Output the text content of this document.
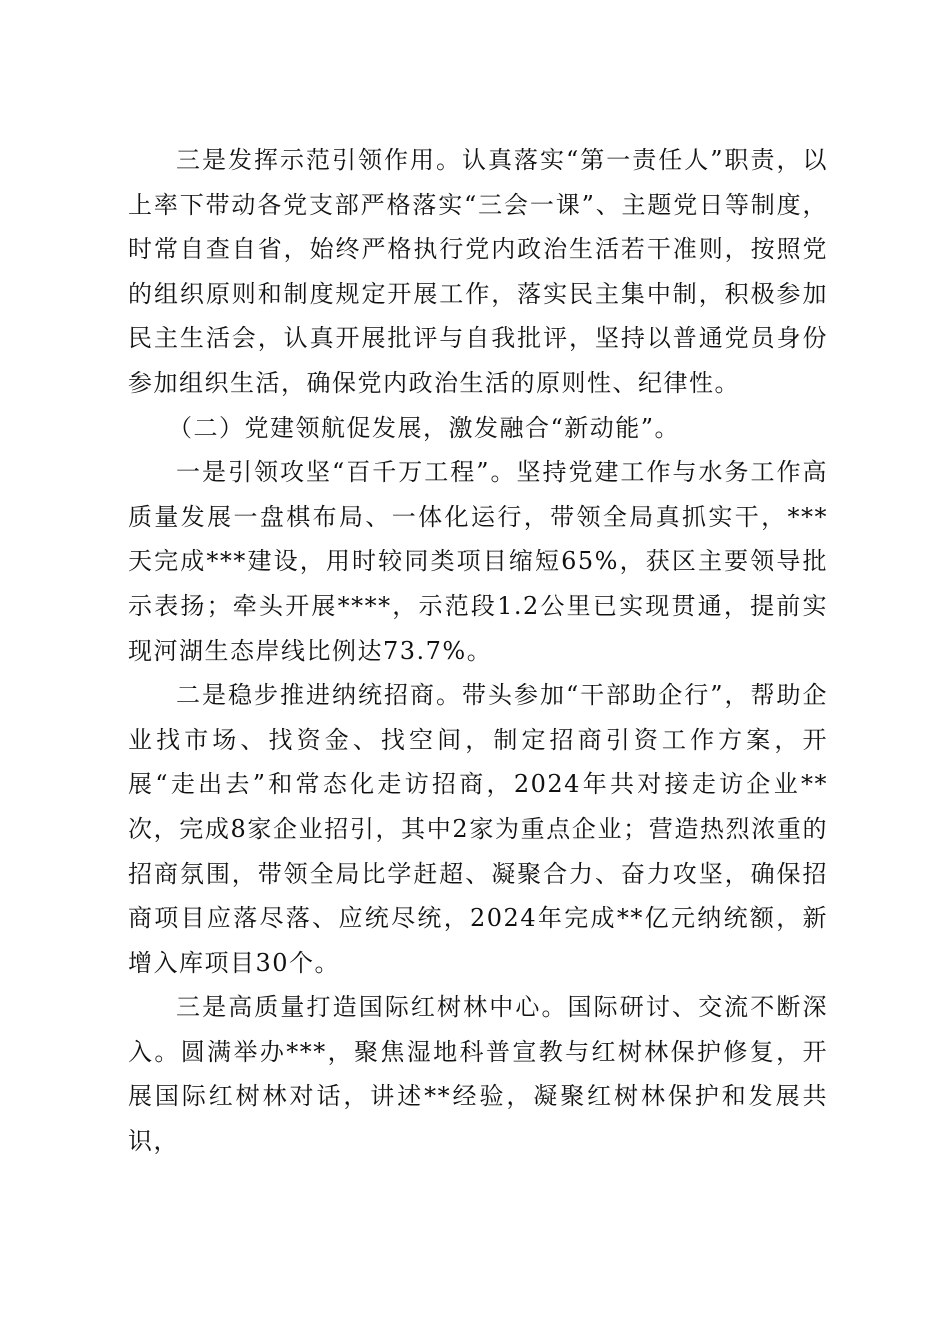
三是发挥示范引领作用。认真落实“第一责任人”职责，以上率下带动各党支部严格落实“三会一课”、主题党日等制度，时常自查自省，始终严格执行党内政治生活若干准则，按照党的组织原则和制度规定开展工作，落实民主集中制，积极参加民主生活会，认真开展批评与自我批评，坚持以普通党员身份参加组织生活，确保党内政治生活的原则性、纪律性。

（二）党建领航促发展，激发融合“新动能”。

一是引领攻坚“百千万工程”。坚持党建工作与水务工作高质量发展一盘棋布局、一体化运行，带领全局真抓实干，***天完成***建设，用时较同类项目缩短65%，获区主要领导批示表扬；牵头开展****，示范段1.2公里已实现贯通，提前实现河湖生态岸线比例达73.7%。

二是稳步推进纳统招商。带头参加“干部助企行”，帮助企业找市场、找资金、找空间，制定招商引资工作方案，开展“走出去”和常态化走访招商，2024年共对接走访企业**次，完成8家企业招引，其中2家为重点企业；营造热烈浓重的招商氛围，带领全局比学赶超、凝聚合力、奋力攻坚，确保招商项目应落尽落、应统尽统，2024年完成**亿元纳统额，新增入库项目30个。

三是高质量打造国际红树林中心。国际研讨、交流不断深入。圆满举办***，聚焦湿地科普宣教与红树林保护修复，开展国际红树林对话，讲述**经验，凝聚红树林保护和发展共识，
